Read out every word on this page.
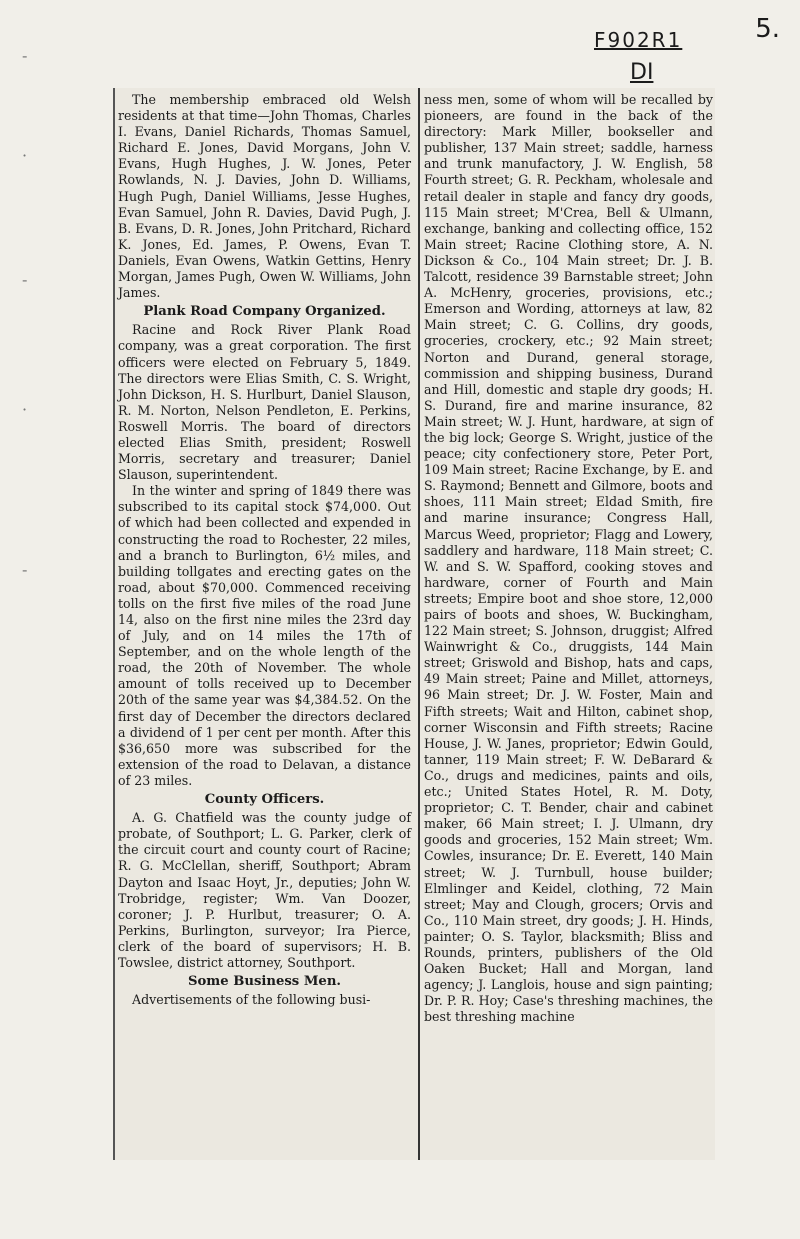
5.
F902R1
DI
-
·
-
·
-

The membership embraced old Welsh residents at that time—John Thomas, Charles I. Evans, Daniel Richards, Thomas Samuel, Richard E. Jones, David Morgans, John V. Evans, Hugh Hughes, J. W. Jones, Peter Rowlands, N. J. Davies, John D. Williams, Hugh Pugh, Daniel Williams, Jesse Hughes, Evan Samuel, John R. Davies, David Pugh, J. B. Evans, D. R. Jones, John Pritchard, Richard K. Jones, Ed. James, P. Owens, Evan T. Daniels, Evan Owens, Watkin Gettins, Henry Morgan, James Pugh, Owen W. Williams, John James.

Plank Road Company Organized.

Racine and Rock River Plank Road company, was a great corporation. The first officers were elected on February 5, 1849. The directors were Elias Smith, C. S. Wright, John Dickson, H. S. Hurlburt, Daniel Slauson, R. M. Norton, Nelson Pendleton, E. Perkins, Roswell Morris. The board of directors elected Elias Smith, president; Roswell Morris, secretary and treasurer; Daniel Slauson, superintendent.

In the winter and spring of 1849 there was subscribed to its capital stock $74,000. Out of which had been collected and expended in constructing the road to Rochester, 22 miles, and a branch to Burlington, 6½ miles, and building tollgates and erecting gates on the road, about $70,000. Commenced receiving tolls on the first five miles of the road June 14, also on the first nine miles the 23rd day of July, and on 14 miles the 17th of September, and on the whole length of the road, the 20th of November. The whole amount of tolls received up to December 20th of the same year was $4,384.52. On the first day of December the directors declared a dividend of 1 per cent per month. After this $36,650 more was subscribed for the extension of the road to Delavan, a distance of 23 miles.

County Officers.

A. G. Chatfield was the county judge of probate, of Southport; L. G. Parker, clerk of the circuit court and county court of Racine; R. G. McClellan, sheriff, Southport; Abram Dayton and Isaac Hoyt, Jr., deputies; John W. Trobridge, register; Wm. Van Doozer, coroner; J. P. Hurlbut, treasurer; O. A. Perkins, Burlington, surveyor; Ira Pierce, clerk of the board of supervisors; H. B. Towslee, district attorney, Southport.

Some Business Men.

Advertisements of the following busi-

ness men, some of whom will be recalled by pioneers, are found in the back of the directory: Mark Miller, bookseller and publisher, 137 Main street; saddle, harness and trunk manufactory, J. W. English, 58 Fourth street; G. R. Peckham, wholesale and retail dealer in staple and fancy dry goods, 115 Main street; M'Crea, Bell & Ulmann, exchange, banking and collecting office, 152 Main street; Racine Clothing store, A. N. Dickson & Co., 104 Main street; Dr. J. B. Talcott, residence 39 Barnstable street; John A. McHenry, groceries, provisions, etc.; Emerson and Wording, attorneys at law, 82 Main street; C. G. Collins, dry goods, groceries, crockery, etc.; 92 Main street; Norton and Durand, general storage, commission and shipping business, Durand and Hill, domestic and staple dry goods; H. S. Durand, fire and marine insurance, 82 Main street; W. J. Hunt, hardware, at sign of the big lock; George S. Wright, justice of the peace; city confectionery store, Peter Port, 109 Main street; Racine Exchange, by E. and S. Raymond; Bennett and Gilmore, boots and shoes, 111 Main street; Eldad Smith, fire and marine insurance; Congress Hall, Marcus Weed, proprietor; Flagg and Lowery, saddlery and hardware, 118 Main street; C. W. and S. W. Spafford, cooking stoves and hardware, corner of Fourth and Main streets; Empire boot and shoe store, 12,000 pairs of boots and shoes, W. Buckingham, 122 Main street; S. Johnson, druggist; Alfred Wainwright & Co., druggists, 144 Main street; Griswold and Bishop, hats and caps, 49 Main street; Paine and Millet, attorneys, 96 Main street; Dr. J. W. Foster, Main and Fifth streets; Wait and Hilton, cabinet shop, corner Wisconsin and Fifth streets; Racine House, J. W. Janes, proprietor; Edwin Gould, tanner, 119 Main street; F. W. DeBarard & Co., drugs and medicines, paints and oils, etc.; United States Hotel, R. M. Doty, proprietor; C. T. Bender, chair and cabinet maker, 66 Main street; I. J. Ulmann, dry goods and groceries, 152 Main street; Wm. Cowles, insurance; Dr. E. Everett, 140 Main street; W. J. Turnbull, house builder; Elmlinger and Keidel, clothing, 72 Main street; May and Clough, grocers; Orvis and Co., 110 Main street, dry goods; J. H. Hinds, painter; O. S. Taylor, blacksmith; Bliss and Rounds, printers, publishers of the Old Oaken Bucket; Hall and Morgan, land agency; J. Langlois, house and sign painting; Dr. P. R. Hoy; Case's threshing machines, the best threshing machine
